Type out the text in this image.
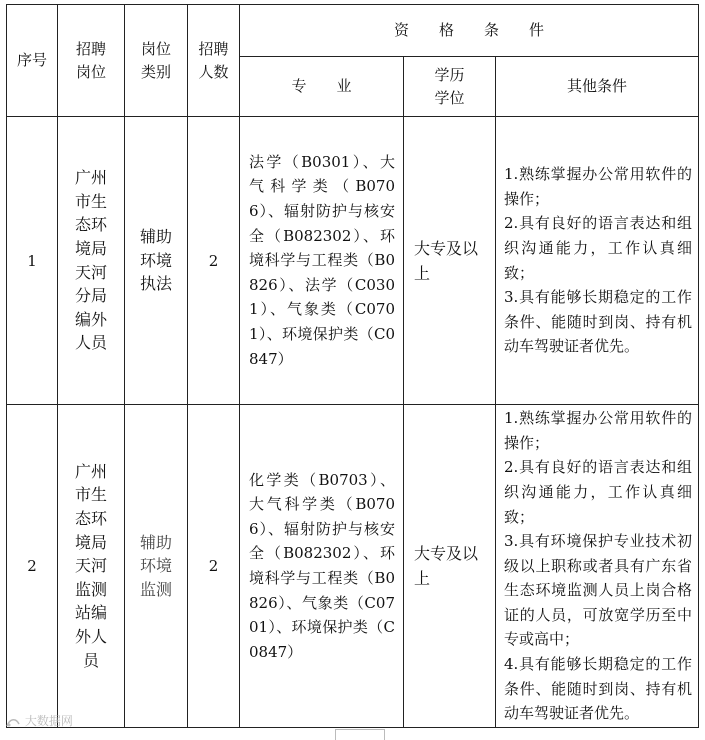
序号	招聘岗位	岗位类别	招聘人数	资格条件		
				专业	学历学位	其他条件
1	广州市生态环境局天河分局编外人员	辅助环境执法	2	法学（B0301）、大气科学类（B0706）、辐射防护与核安全（B082302）、环境科学与工程类（B0826）、法学（C0301）、气象类（C0701）、环境保护类（C0847）	大专及以上	1.熟练掌握办公常用软件的操作；
2.具有良好的语言表达和组织沟通能力，工作认真细致；
3.具有能够长期稳定的工作条件、能随时到岗、持有机动车驾驶证者优先。

2	广州市生态环境局天河监测站编外人员	辅助环境监测	2	化学类（B0703）、大气科学类（B0706）、辐射防护与核安全（B082302）、环境科学与工程类（B0826）、气象类（C0701）、环境保护类（C0847）	大专及以上	1.熟练掌握办公常用软件的操作；
2.具有良好的语言表达和组织沟通能力，工作认真细致；
3.具有环境保护专业技术初级以上职称或者具有广东省生态环境监测人员上岗合格证的人员，可放宽学历至中专或高中；
4.具有能够长期稳定的工作条件、能随时到岗、持有机动车驾驶证者优先。
大数据网
